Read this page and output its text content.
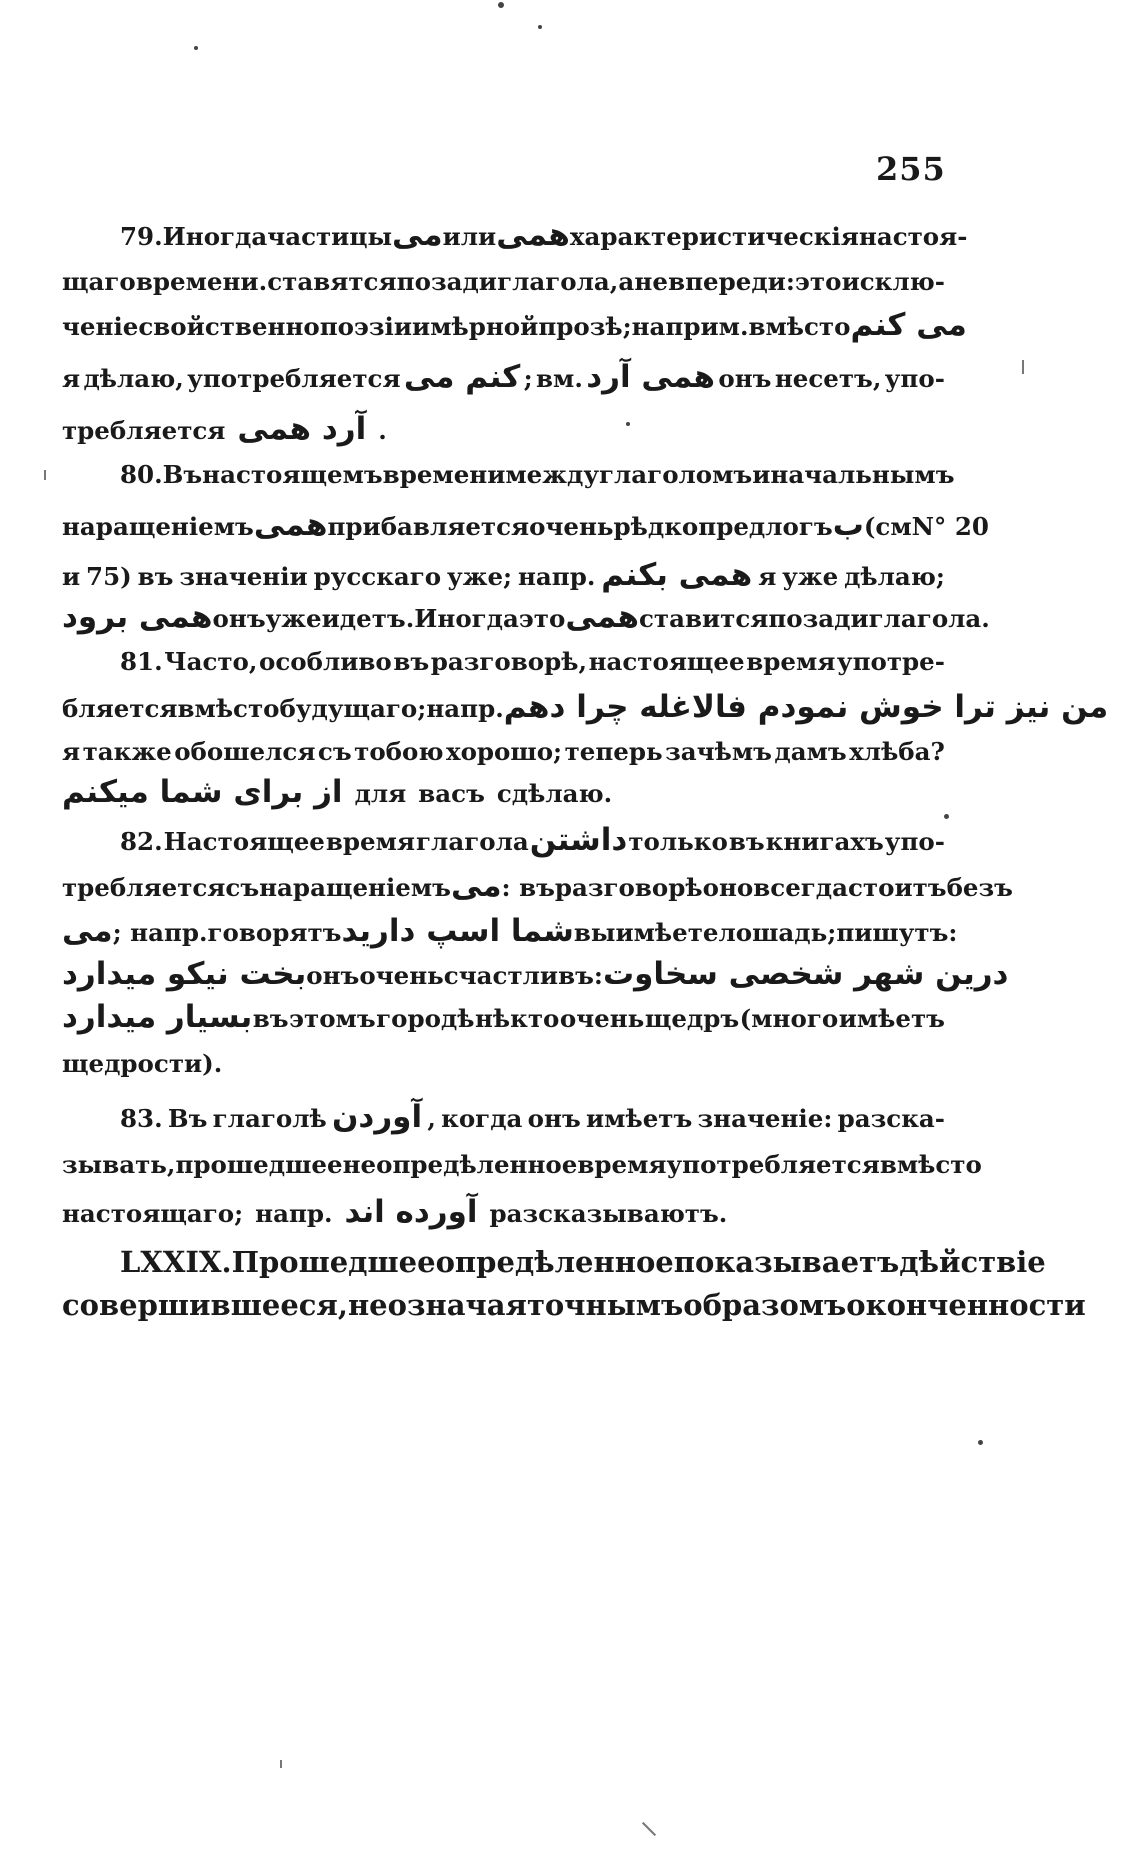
255
79. Иногда частицы می или همی характеристическія настоя-
щаго времени. ставятся позади глагола, а не впереди: это исклю-
ченіе свойственно поэзіи и мѣрной прозѣ; наприм. вмѣсто می کنم
я дѣлаю, употребляется کنم می ; вм. همی آرد онъ несетъ, упо-
требляется آرد همی .
80. Въ настоящемъ времени между глаголомъ и начальнымъ
наращеніемъ همی прибавляется очень рѣдко предлогъ ب (см N° 20
и 75) въ значеніи русскаго уже; напр. همی بکنم я уже дѣлаю;
همی برود онъ уже идетъ. Иногда это همی ставится позади глагола.
81. Часто, особливо въ разговорѣ, настоящее время употре-
бляется вмѣсто будущаго; напр. من نیز ترا خوش نمودم فالاغله چرا دهم
я также обошелся съ тобою хорошо; теперь зачѣмъ дамъ хлѣба?
از برای شما میکنم для васъ сдѣлаю.
82. Настоящее время глагола داشتن только въ книгахъ упо-
требляется съ наращеніемъ می : въ разговорѣ оно всегда стоитъ безъ
می ; напр. говорятъ شما اسپ دارید вы имѣете лошадь; пишутъ:
بخت نیکو میدارد онъ очень счастливъ: درین شهر شخصی سخاوت
بسیار میدارد въ этомъ городѣ нѣкто очень щедръ (много имѣетъ
щедрости).
83. Въ глаголѣ آوردن , когда онъ имѣетъ значеніе: разска-
зывать, прошедшее неопредѣленное время употребляется вмѣсто
настоящаго; напр. آورده اند разсказываютъ.
LXXIX. Прошедшее опредѣленное показываетъ дѣйствіе
совершившееся, не означая точнымъ образомъ оконченности
